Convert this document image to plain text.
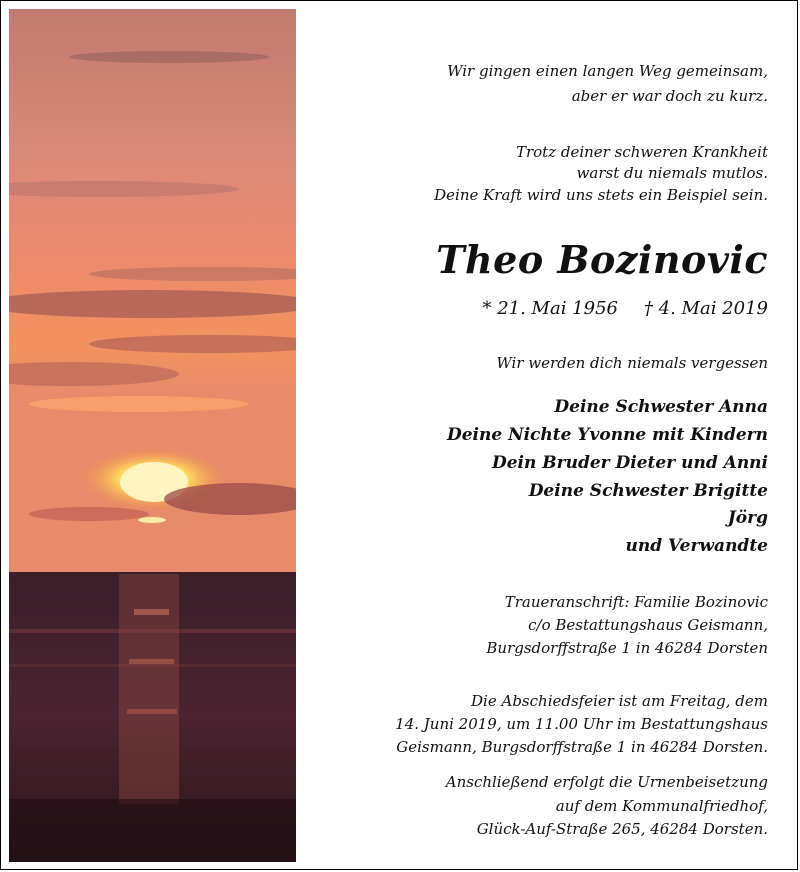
Wir gingen einen langen Weg gemeinsam,
aber er war doch zu kurz.
Trotz deiner schweren Krankheit
warst du niemals mutlos.
Deine Kraft wird uns stets ein Beispiel sein.
Theo Bozinovic
* 21. Mai 1956 † 4. Mai 2019
Wir werden dich niemals vergessen
Deine Schwester Anna
Deine Nichte Yvonne mit Kindern
Dein Bruder Dieter und Anni
Deine Schwester Brigitte
Jörg
und Verwandte
Traueranschrift: Familie Bozinovic
c/o Bestattungshaus Geismann,
Burgsdorffstraße 1 in 46284 Dorsten
Die Abschiedsfeier ist am Freitag, dem
14. Juni 2019, um 11.00 Uhr im Bestattungshaus
Geismann, Burgsdorffstraße 1 in 46284 Dorsten.
Anschließend erfolgt die Urnenbeisetzung
auf dem Kommunalfriedhof,
Glück-Auf-Straße 265, 46284 Dorsten.
